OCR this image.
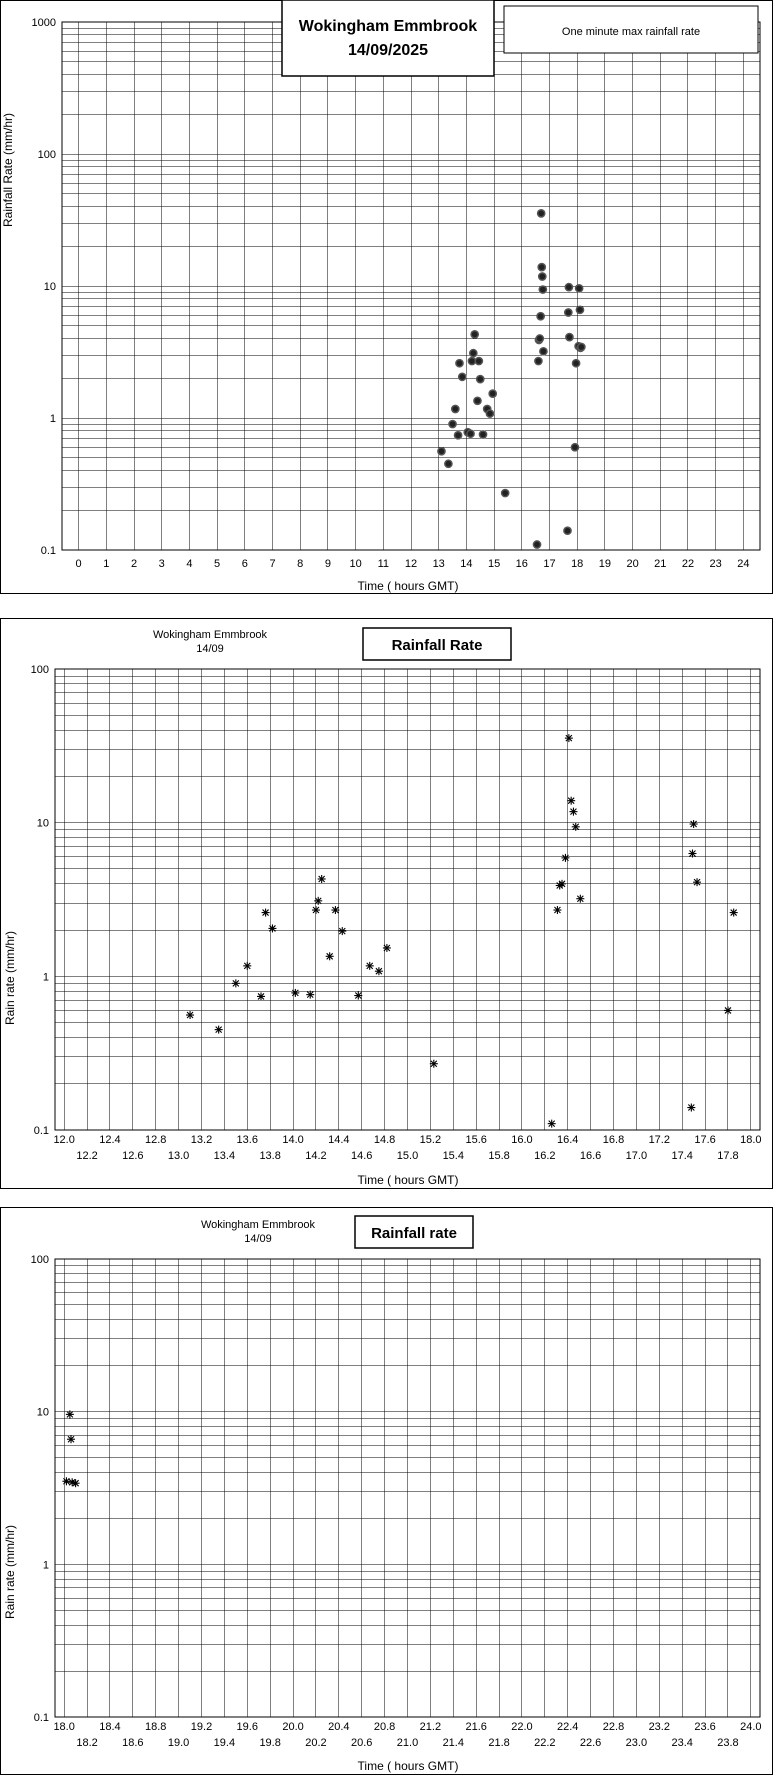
0.1
1
10
100
1000
0 1 2 3 4 5 6 7 8 9 10 11 12 13 14 15 16 17 18 19 20 21 22 23 24
Wokingham Emmbrook
14/09/2025
One minute max rainfall rate
Time ( hours GMT)
Rainfall Rate (mm/hr)
0.1
1
10
100
12.0 12.4 12.8 13.2 13.6 14.0 14.4 14.8 15.2 15.6 16.0 16.4 16.8 17.2 17.6 18.0
12.2 12.6 13.0 13.4 13.8 14.2 14.6 15.0 15.4 15.8 16.2 16.6 17.0 17.4 17.8
Wokingham Emmbrook
14/09	Rainfall Rate
Time ( hours GMT)
Rain rate (mm/hr)
0.1
1
10
100
18.0 18.4 18.8 19.2 19.6 20.0 20.4 20.8 21.2 21.6 22.0 22.4 22.8 23.2 23.6 24.0
18.2 18.6 19.0 19.4 19.8 20.2 20.6 21.0 21.4 21.8 22.2 22.6 23.0 23.4 23.8
Wokingham Emmbrook
14/09	Rainfall rate
Time ( hours GMT)
Rain rate (mm/hr)
